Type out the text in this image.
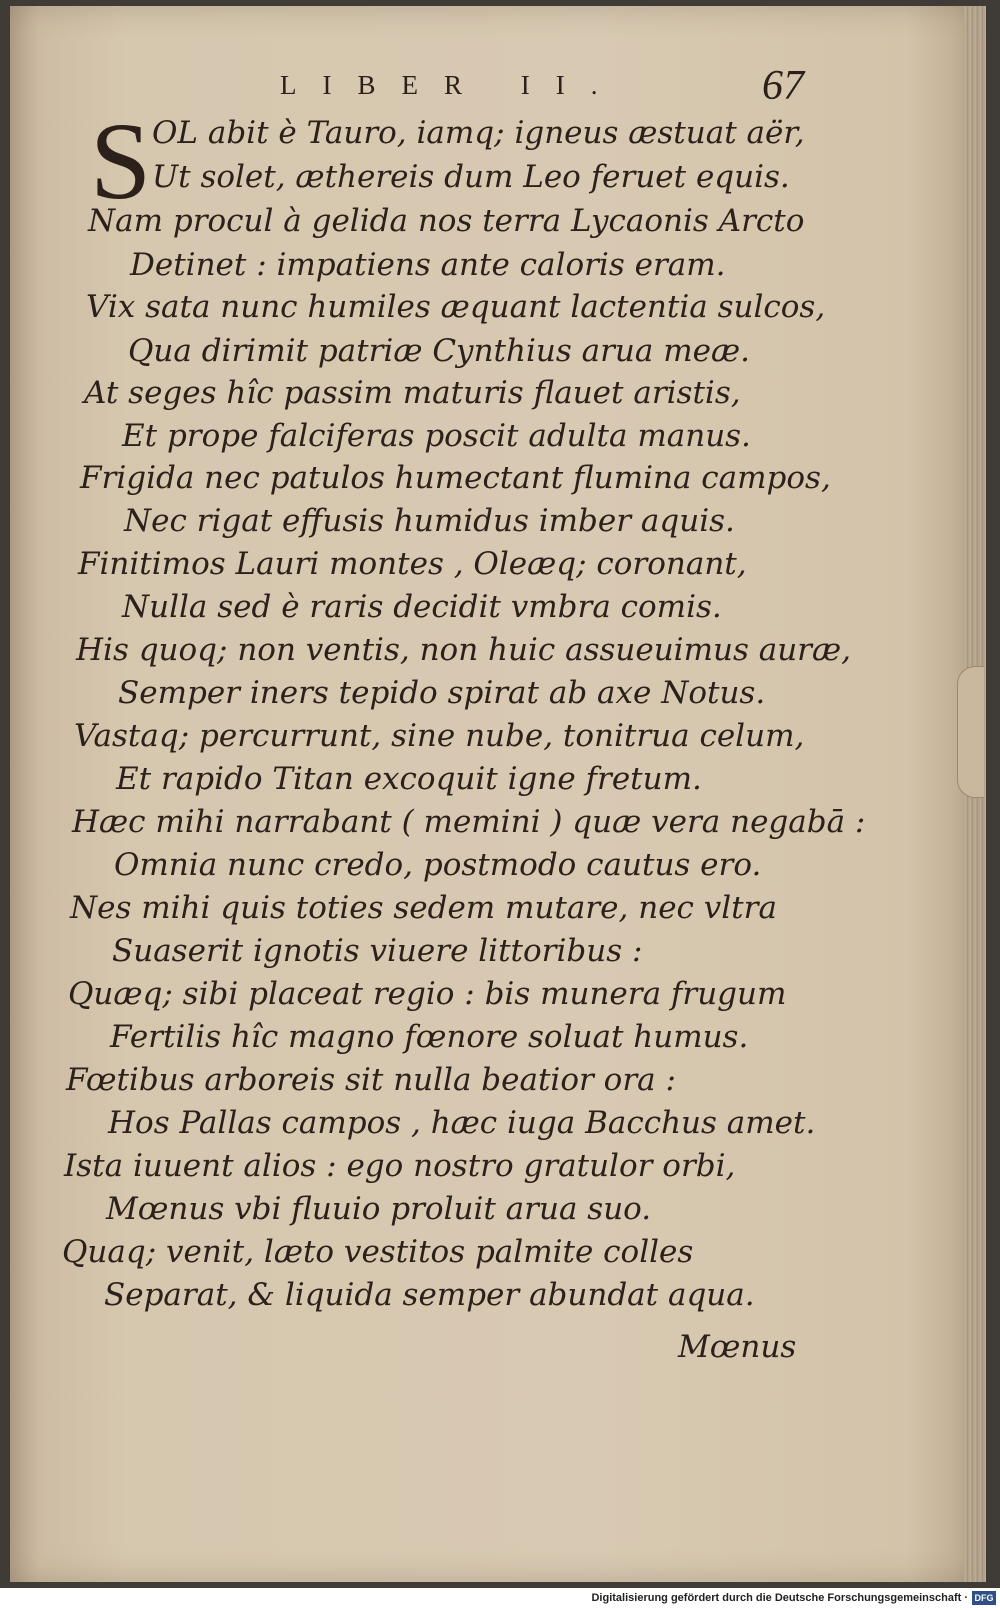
LIBER II.	67
S OL abit è Tauro, iamq; igneus æstuat aër,
Ut solet, æthereis dum Leo feruet equis.
Nam procul à gelida nos terra Lycaonis Arcto
Detinet : impatiens ante caloris eram.
Vix sata nunc humiles æquant lactentia sulcos,
Qua dirimit patriæ Cynthius arua meæ.
At seges hîc passim maturis flauet aristis,
Et prope falciferas poscit adulta manus.
Frigida nec patulos humectant flumina campos,
Nec rigat effusis humidus imber aquis.
Finitimos Lauri montes , Oleæq; coronant,
Nulla sed è raris decidit vmbra comis.
His quoq; non ventis, non huic assueuimus auræ,
Semper iners tepido spirat ab axe Notus.
Vastaq; percurrunt, sine nube, tonitrua celum,
Et rapido Titan excoquit igne fretum.
Hæc mihi narrabant ( memini ) quæ vera negabā :
Omnia nunc credo, postmodo cautus ero.
Nes mihi quis toties sedem mutare, nec vltra
Suaserit ignotis viuere littoribus :
Quæq; sibi placeat regio : bis munera frugum
Fertilis hîc magno fœnore soluat humus.
Fœtibus arboreis sit nulla beatior ora :
Hos Pallas campos , hæc iuga Bacchus amet.
Ista iuuent alios : ego nostro gratulor orbi,
Mœnus vbi fluuio proluit arua suo.
Quaq; venit, læto vestitos palmite colles
Separat, & liquida semper abundat aqua.
Mœnus
Digitalisierung gefördert durch die Deutsche Forschungsgemeinschaft · DFG
